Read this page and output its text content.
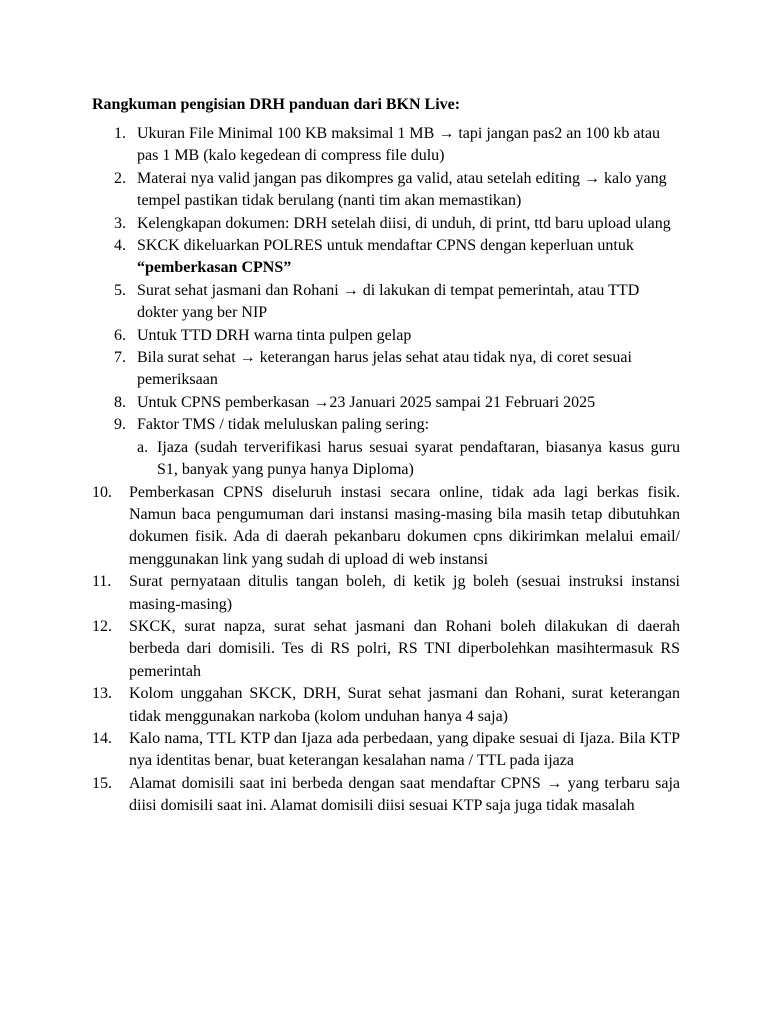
Rangkuman pengisian DRH panduan dari BKN Live:
1. Ukuran File Minimal 100 KB maksimal 1 MB → tapi jangan pas2 an 100 kb atau pas 1 MB (kalo kegedean di compress file dulu)
2. Materai nya valid jangan pas dikompres ga valid, atau setelah editing → kalo yang tempel pastikan tidak berulang (nanti tim akan memastikan)
3. Kelengkapan dokumen: DRH setelah diisi, di unduh, di print, ttd baru upload ulang
4. SKCK dikeluarkan POLRES untuk mendaftar CPNS dengan keperluan untuk
“pemberkasan CPNS”
5. Surat sehat jasmani dan Rohani → di lakukan di tempat pemerintah, atau TTD dokter yang ber NIP
6. Untuk TTD DRH warna tinta pulpen gelap
7. Bila surat sehat → keterangan harus jelas sehat atau tidak nya, di coret sesuai pemeriksaan
8. Untuk CPNS pemberkasan →23 Januari 2025 sampai 21 Februari 2025
9. Faktor TMS / tidak meluluskan paling sering:
a. Ijaza (sudah terverifikasi harus sesuai syarat pendaftaran, biasanya kasus guru S1, banyak yang punya hanya Diploma)
10. Pemberkasan CPNS diseluruh instasi secara online, tidak ada lagi berkas fisik. Namun baca pengumuman dari instansi masing-masing bila masih tetap dibutuhkan dokumen fisik. Ada di daerah pekanbaru dokumen cpns dikirimkan melalui email/ menggunakan link yang sudah di upload di web instansi
11. Surat pernyataan ditulis tangan boleh, di ketik jg boleh (sesuai instruksi instansi masing-masing)
12. SKCK, surat napza, surat sehat jasmani dan Rohani boleh dilakukan di daerah berbeda dari domisili. Tes di RS polri, RS TNI diperbolehkan masihtermasuk RS pemerintah
13. Kolom unggahan SKCK, DRH, Surat sehat jasmani dan Rohani, surat keterangan tidak menggunakan narkoba (kolom unduhan hanya 4 saja)
14. Kalo nama, TTL KTP dan Ijaza ada perbedaan, yang dipake sesuai di Ijaza. Bila KTP nya identitas benar, buat keterangan kesalahan nama / TTL pada ijaza
15. Alamat domisili saat ini berbeda dengan saat mendaftar CPNS → yang terbaru saja diisi domisili saat ini. Alamat domisili diisi sesuai KTP saja juga tidak masalah
